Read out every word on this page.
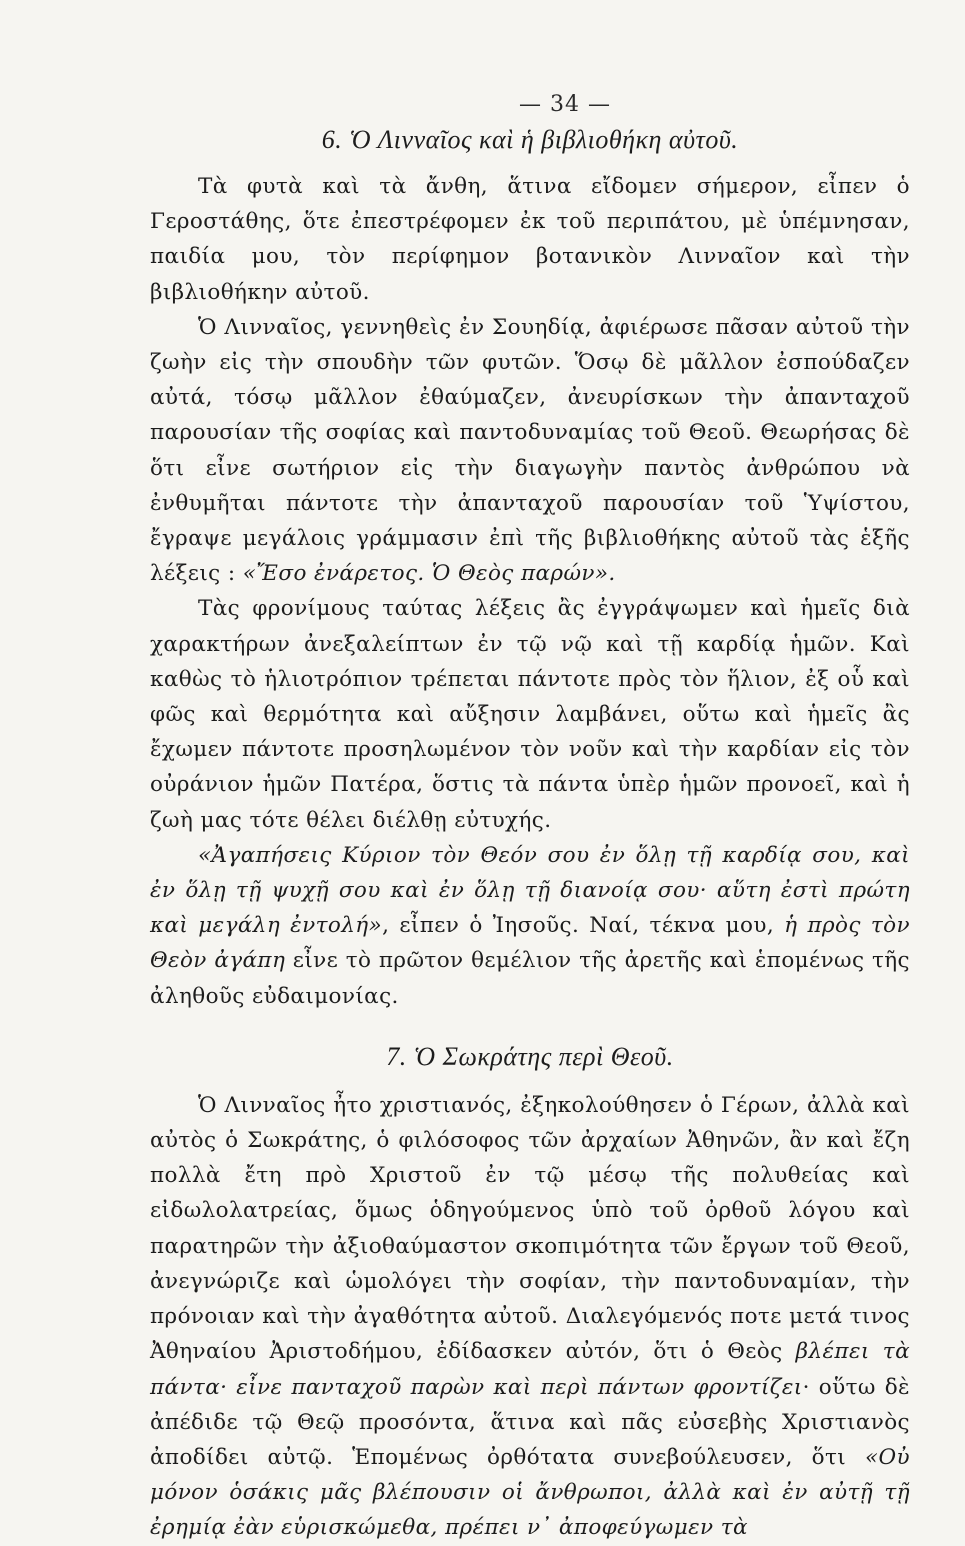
— 34 —
6. Ὁ Λινναῖος καὶ ἡ βιβλιοθήκη αὐτοῦ.

Τὰ φυτὰ καὶ τὰ ἄνθη, ἅτινα εἴδομεν σήμερον, εἶπεν ὁ Γεροστάθης, ὅτε ἐπεστρέφομεν ἐκ τοῦ περιπάτου, μὲ ὑπέμνησαν, παιδία μου, τὸν περίφημον βοτανικὸν Λινναῖον καὶ τὴν βιβλιοθήκην αὐτοῦ.

Ὁ Λινναῖος, γεννηθεὶς ἐν Σουηδίᾳ, ἀφιέρωσε πᾶσαν αὐτοῦ τὴν ζωὴν εἰς τὴν σπουδὴν τῶν φυτῶν. Ὅσῳ δὲ μᾶλλον ἐσπούδαζεν αὐτά, τόσῳ μᾶλλον ἐθαύμαζεν, ἀνευρίσκων τὴν ἀπανταχοῦ παρουσίαν τῆς σοφίας καὶ παντοδυναμίας τοῦ Θεοῦ. Θεωρήσας δὲ ὅτι εἶνε σωτήριον εἰς τὴν διαγωγὴν παντὸς ἀνθρώπου νὰ ἐνθυμῆται πάντοτε τὴν ἀπανταχοῦ παρουσίαν τοῦ Ὑψίστου, ἔγραψε μεγάλοις γράμμασιν ἐπὶ τῆς βιβλιοθήκης αὐτοῦ τὰς ἑξῆς λέξεις : «Ἔσο ἐνάρετος. Ὁ Θεὸς παρών».

Τὰς φρονίμους ταύτας λέξεις ἂς ἐγγράψωμεν καὶ ἡμεῖς διὰ χαρακτήρων ἀνεξαλείπτων ἐν τῷ νῷ καὶ τῇ καρδίᾳ ἡμῶν. Καὶ καθὼς τὸ ἡλιοτρόπιον τρέπεται πάντοτε πρὸς τὸν ἥλιον, ἐξ οὗ καὶ φῶς καὶ θερμότητα καὶ αὔξησιν λαμβάνει, οὕτω καὶ ἡμεῖς ἂς ἔχωμεν πάντοτε προσηλωμένον τὸν νοῦν καὶ τὴν καρδίαν εἰς τὸν οὐράνιον ἡμῶν Πατέρα, ὅστις τὰ πάντα ὑπὲρ ἡμῶν προνοεῖ, καὶ ἡ ζωὴ μας τότε θέλει διέλθῃ εὐτυχής.

«Ἀγαπήσεις Κύριον τὸν Θεόν σου ἐν ὅλῃ τῇ καρδίᾳ σου, καὶ ἐν ὅλῃ τῇ ψυχῇ σου καὶ ἐν ὅλῃ τῇ διανοίᾳ σου· αὕτη ἐστὶ πρώτη καὶ μεγάλη ἐντολή», εἶπεν ὁ Ἰησοῦς. Ναί, τέκνα μου, ἡ πρὸς τὸν Θεὸν ἀγάπη εἶνε τὸ πρῶτον θεμέλιον τῆς ἀρετῆς καὶ ἑπομένως τῆς ἀληθοῦς εὐδαιμονίας.

7. Ὁ Σωκράτης περὶ Θεοῦ.

Ὁ Λινναῖος ἦτο χριστιανός, ἐξηκολούθησεν ὁ Γέρων, ἀλλὰ καὶ αὐτὸς ὁ Σωκράτης, ὁ φιλόσοφος τῶν ἀρχαίων Ἀθηνῶν, ἂν καὶ ἔζη πολλὰ ἔτη πρὸ Χριστοῦ ἐν τῷ μέσῳ τῆς πολυθείας καὶ εἰδωλολατρείας, ὅμως ὁδηγούμενος ὑπὸ τοῦ ὀρθοῦ λόγου καὶ παρατηρῶν τὴν ἀξιοθαύμαστον σκοπιμότητα τῶν ἔργων τοῦ Θεοῦ, ἀνεγνώριζε καὶ ὡμολόγει τὴν σοφίαν, τὴν παντοδυναμίαν, τὴν πρόνοιαν καὶ τὴν ἀγαθότητα αὐτοῦ. Διαλεγόμενός ποτε μετά τινος Ἀθηναίου Ἀριστοδήμου, ἐδίδασκεν αὐτόν, ὅτι ὁ Θεὸς βλέπει τὰ πάντα· εἶνε πανταχοῦ παρὼν καὶ περὶ πάντων φροντίζει· οὕτω δὲ ἀπέδιδε τῷ Θεῷ προσόντα, ἅτινα καὶ πᾶς εὐσεβὴς Χριστιανὸς ἀποδίδει αὐτῷ. Ἑπομένως ὀρθότατα συνεβούλευσεν, ὅτι «Οὐ μόνον ὁσάκις μᾶς βλέπουσιν οἱ ἄνθρωποι, ἀλλὰ καὶ ἐν αὐτῇ τῇ ἐρημίᾳ ἐὰν εὑρισκώμεθα, πρέπει ν᾽ ἀποφεύγωμεν τὰ
